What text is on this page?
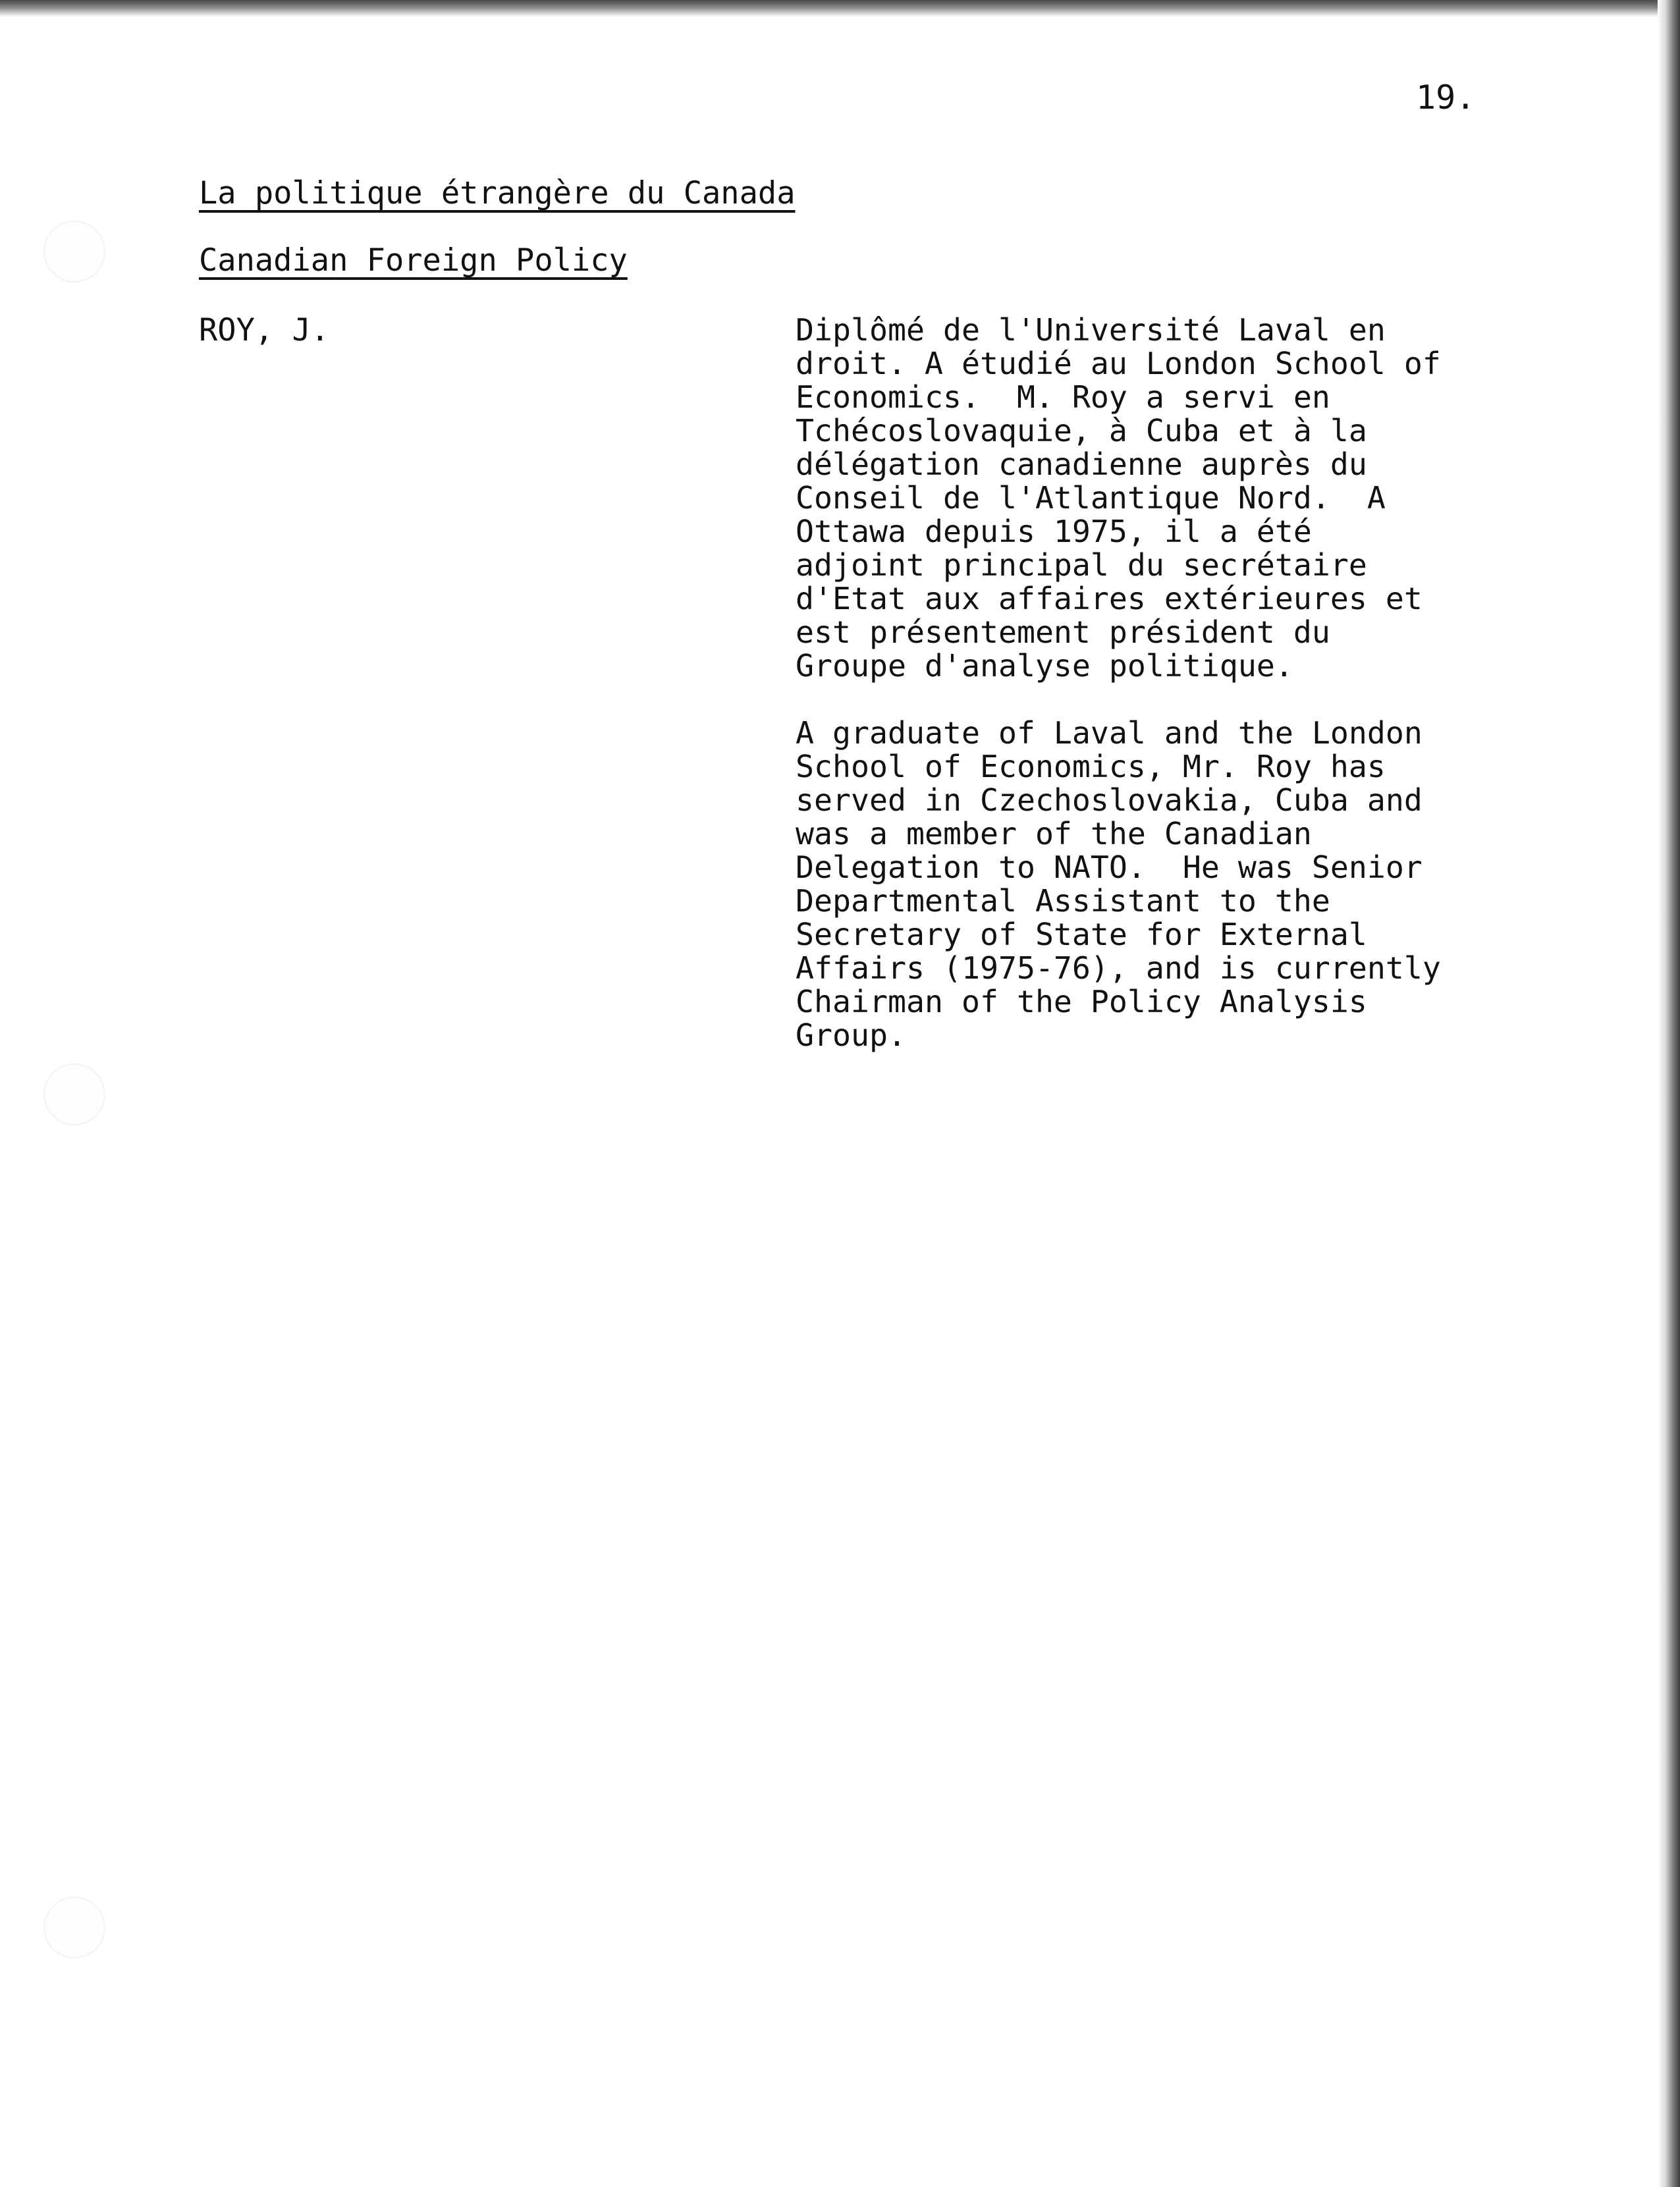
19.
La politique étrangère du Canada
Canadian Foreign Policy
ROY, J.	Diplômé de l'Université Laval en
droit. A étudié au London School of
Economics.  M. Roy a servi en
Tchécoslovaquie, à Cuba et à la
délégation canadienne auprès du
Conseil de l'Atlantique Nord.  A
Ottawa depuis 1975, il a été
adjoint principal du secrétaire
d'Etat aux affaires extérieures et
est présentement président du
Groupe d'analyse politique.

A graduate of Laval and the London
School of Economics, Mr. Roy has
served in Czechoslovakia, Cuba and
was a member of the Canadian
Delegation to NATO.  He was Senior
Departmental Assistant to the
Secretary of State for External
Affairs (1975-76), and is currently
Chairman of the Policy Analysis
Group.
